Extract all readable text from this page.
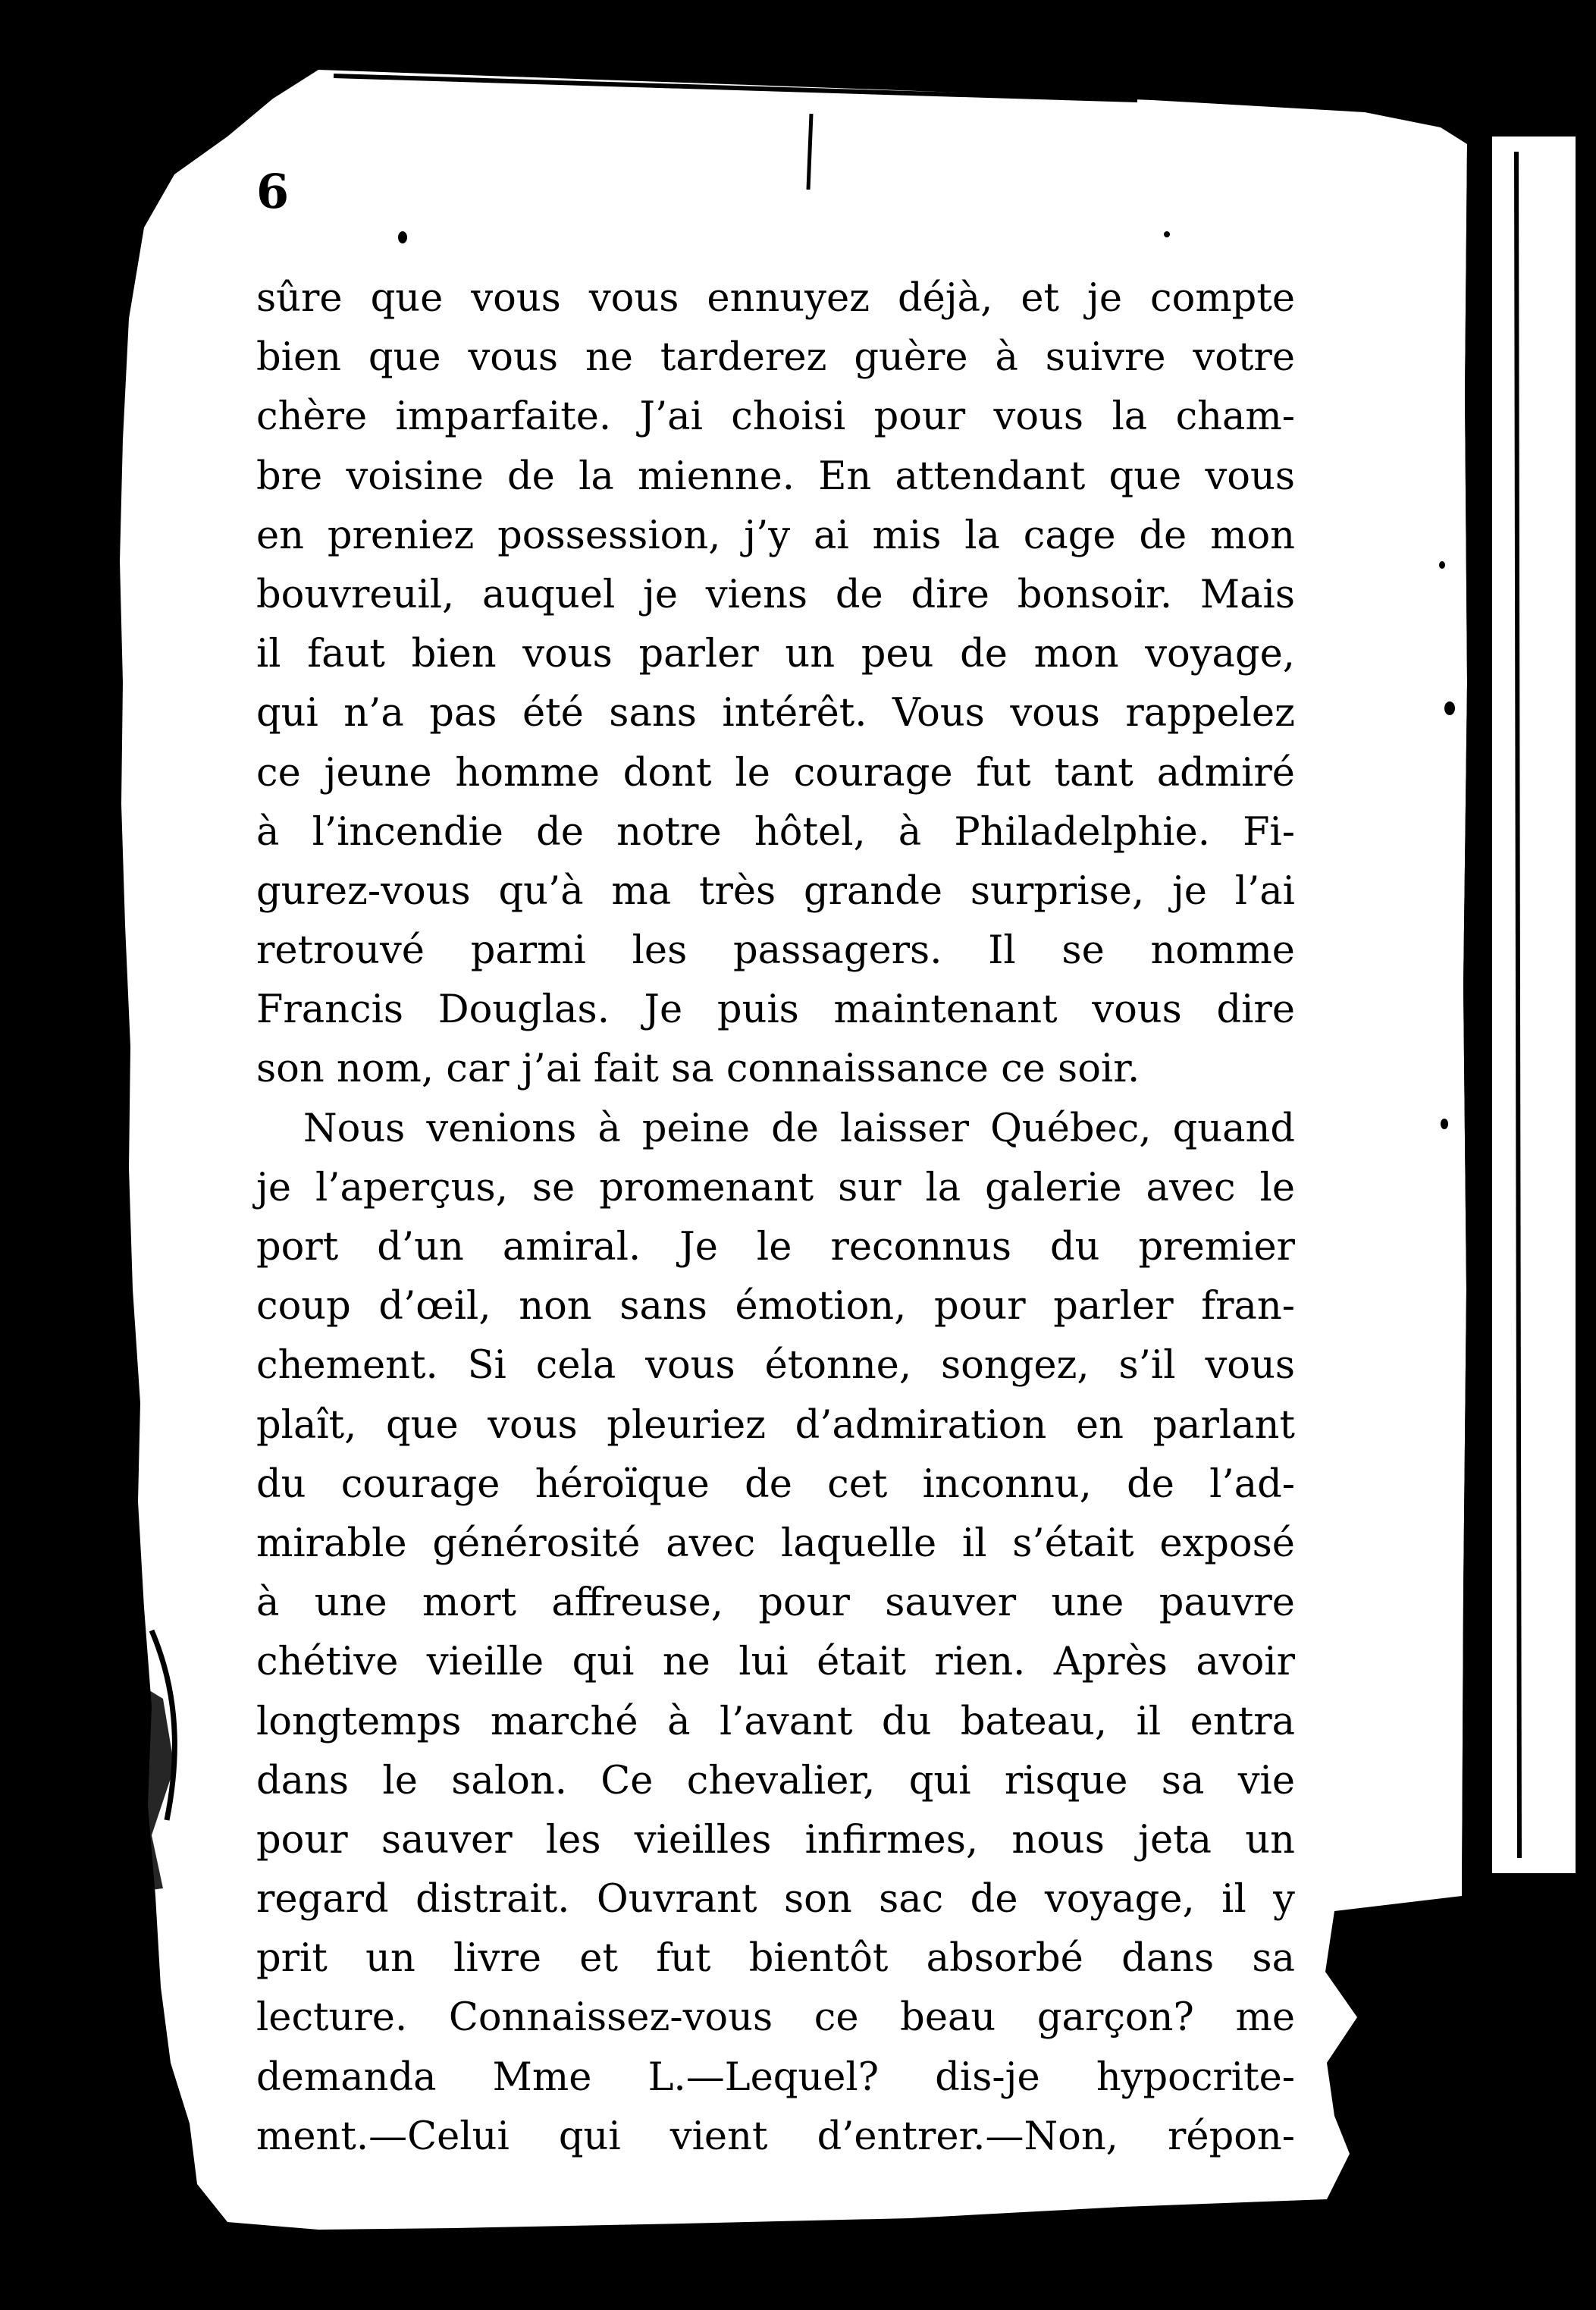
6
sûre que vous vous ennuyez déjà, et je compte
bien que vous ne tarderez guère à suivre votre
chère imparfaite. J’ai choisi pour vous la cham-
bre voisine de la mienne. En attendant que vous
en preniez possession, j’y ai mis la cage de mon
bouvreuil, auquel je viens de dire bonsoir. Mais
il faut bien vous parler un peu de mon voyage,
qui n’a pas été sans intérêt. Vous vous rappelez
ce jeune homme dont le courage fut tant admiré
à l’incendie de notre hôtel, à Philadelphie. Fi-
gurez-vous qu’à ma très grande surprise, je l’ai
retrouvé parmi les passagers. Il se nomme
Francis Douglas. Je puis maintenant vous dire
son nom, car j’ai fait sa connaissance ce soir.
Nous venions à peine de laisser Québec, quand
je l’aperçus, se promenant sur la galerie avec le
port d’un amiral. Je le reconnus du premier
coup d’œil, non sans émotion, pour parler fran-
chement. Si cela vous étonne, songez, s’il vous
plaît, que vous pleuriez d’admiration en parlant
du courage héroïque de cet inconnu, de l’ad-
mirable générosité avec laquelle il s’était exposé
à une mort affreuse, pour sauver une pauvre
chétive vieille qui ne lui était rien. Après avoir
longtemps marché à l’avant du bateau, il entra
dans le salon. Ce chevalier, qui risque sa vie
pour sauver les vieilles infirmes, nous jeta un
regard distrait. Ouvrant son sac de voyage, il y
prit un livre et fut bientôt absorbé dans sa
lecture. Connaissez-vous ce beau garçon? me
demanda Mme L.—Lequel? dis-je hypocrite-
ment.—Celui qui vient d’entrer.—Non, répon-
